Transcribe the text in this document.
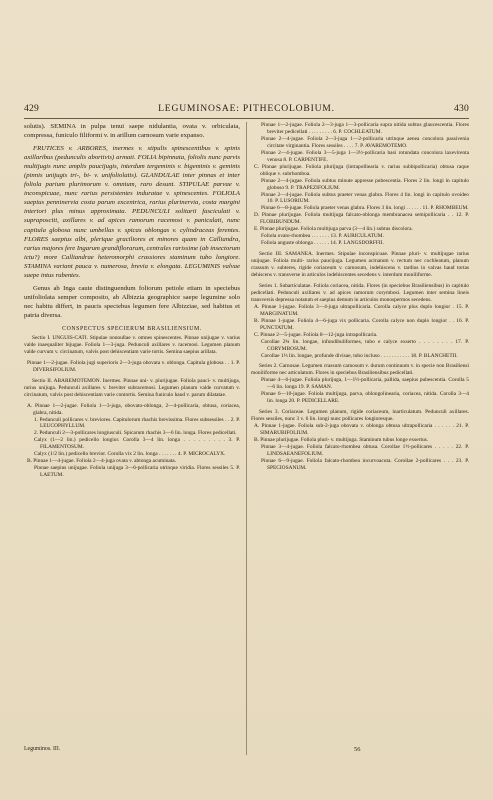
429	LEGUMINOSAE: PITHECOLOBIUM.	430

solutis). SEMINA in pulpa tenui saepe nidulantia, ovata v. orbiculata, compressa, funiculo filiformi v. in arillum carnosum varie expanso.

FRUTICES v. ARBORES, inermes v. stipulis spinescentibus v. spinis axillaribus (pedunculis abortivis) armati. FOLIA bipinnata, foliolis nunc parvis multijugis nunc amplis paucijugis, interdum tergeminis v. bigeminis v. geminis (pinnis unijugis tri-, bi- v. unifoliolatis). GLANDULAE inter pinnas et inter foliola parium plurimorum v. omnium, raro desunt. STIPULAE parvae v. inconspicuae, nunc rarius persistentes induratae v. spinescentes. FOLIOLA saepius penninervia costa parum excentrica, rarius plurinervia, costa margini interiori plus minus approximata. PEDUNCULI solitarii fasciculati v. supraposciti, axillares v. ad apices ramorum racemosi v. paniculati, nunc capitula globosa nunc umbellas v. spicas oblongas v. cylindraceas ferentes. FLORES saepius albi, plerique graciliores et minores quam in Calliandra, rarius majores fere Ingarum grandiflorarum, centrales rarissime (ab insectorum ictu?) more Calliandrae heteromorphi crassiores staminum tubo longiore. STAMINA variant pauca v. numerosa, brevia v. elongata. LEGUMINIS valvae saepe intus rubentes.

Genus ab Inga caute distinguendum foliorum petiole etiam in speciebus unifoliolata semper composito, ab Albizzia geographice saepe legumine solo nec habitu differt, in paucis speciebus legumen fere Albizziae, sed habitus et patria diversa.

CONSPECTUS SPECIERUM BRASILIENSIUM.

Sectio I. UNGUIS-CATI. Stipulae nonnullae v. omnes spinescentes. Pinnae unijugae v. varius valde inaequaliter bijugae. Foliola 1—3-juga. Pedunculi axillares v. racemosi. Legumen planum valde curvum v. circinatum, valvis post dehiscentiam varie tortis. Semina saepius arillata.

Pinnae 1—2-jugae. Foliola jugi superioris 2—3-juga obovata v. oblonga. Capitula globosa . . 1. P. DIVERSIFOLIUM.

Sectio II. ABAREMOTEMON. Inermes. Pinnae uni- v. plurijugae. Foliola pauci- v. multijuga, rarius unijuga. Pedunculi axillares v. breviter subracemosi. Legumen planum valde curvatum v. circinatum, valvis post dehiscentiam varie contortis. Semina funiculo haud v. parum dilatatae.

A. Pinnae 1—2-jugae. Foliola 1—3-juga, obovato-oblonga, 2—4-pollicaria, obtusa, coriacea, glabra, nitida.

1. Pedunculi pollicares v. breviores. Capitulorum rhachis brevissima. Flores subsessiles . . 2. P. LEUCOPHYLLUM.

2. Pedunculi 2—3-pollicares longiusculi. Spicarum rhachis 3—6 lin. longa. Flores pedicellati.

Calyx (1—2 lin.) pedicello longior. Corolla 3—4 lin. longa . . . . . . . . . 3. P. FILAMENTOSUM.

Calyx (1/2 lin.) pedicello brevior. Corolla vix 2 lin. longa . . . . . . . 4. P. MICROCALYX.

B. Pinnae 1—4-jugae. Foliola 2—4-juga ovata v. abtonga acuminata.

Pinnae saepius unijugae. Foliola unijuga 3—6-pollicaria utrinque viridia. Flores sessiles 5. P. LAETUM.

Pinnae 1—2-jugae. Foliola 2—3-juga 1—3-pollicaria supra nitida subtus glaucescentia. Flores breviter pedicellati . . . . . . . . . 6. P. COCHLEATUM.

Pinnae 2—4-jugae. Foliola 2—3-juga 1—2-pollicaria utrinque aenea concolora passivenia circitate virginantia. Flores sessiles . . . . 7. P. AVAREMOTEMO.

Pinnae 2—4-jugae. Foliola 3—5-juga 1—3½-pollicaria basi rotundata concolora laxevirenta venosa 8. P. CARPENTIFE.

C. Pinnae plurijugae. Foliola plurijuga (intrapolliearia v. rarius subbipollicaria) obtusa raque oblique v. subrhomboa.

Pinnae 2—4-jugae. Foliola subtus minute appresse pubescentia. Flores 2 lin. longi in capitulo globoso 9. P. TRAPEZIFOLIUM.

Pinnae 2—4-jugae. Foliola subtus praeter venas glabra. Flores 4 lin. longi in capitulo ovoideo 10. P. LUSORIUM.

Pinnae 6—8-jugae. Foliola praeter venas glabra. Flores 3 lin. longi . . . . . . 11. P. RHOMBEUM.

D. Pinnae plurijugae. Foliola multijuga falcato-oblonga membranacea semipollicaria . . 12. P. FLOBIBUNDUM.

E. Pinnae plurijugae. Foliola multijuga parva (3—4 lin.) subtus discolora.

Foliola ovato-rhombea . . . . . . . 13. P. AURICULATUM.

Foliola anguste oblonga . . . . . . 14. P. LANGSDORFFII.

Sectio III. SAMANEA. Inermes. Stipulae inconspicuae. Pinnae pluri- v. multijugae rarius unijugae. Foliola multi- rarius paucijuga. Legumen acrnatum v. rectum nec cochleatum, planum crassum v. subteres, rigide coriaceum v. carnosum, indehiscens v. tardius in valvas haud tortas dehiscens v. transverse in articulos indehiscentes secedens v. interdum moniliforme.

Series 1. Subarticulatae. Foliola coriacea, nitida. Flores (in speciebus Brasiliensibus) in capitulo pedicellati. Pedunculi axillares v. ad apices ramorum corymbosi. Legumen inter semina lineis transversis depressa notatum et saepius demum in articulos monospermos secedens.

A. Pinnae 1-jugae. Foliola 3—4-juga ultrapollicaria. Corolla calyce plus duplo longior . 15. P. MARGINATUM.

B. Pinnae 1-jugae. Foliola 4—6-juga vix pollicaria. Corolla calyce non duplo longior . . 16. P. PUNCTATUM.

C. Pinnae 2—5-jugae. Foliola 8—12-juga intrapollicaria.

Corollae 2¾ lin. longae, infundibuliformes, tubo e calyce exserto . . . . . . . . 17. P. CORYMBOSUM.

Corollae 1⅓ lin. longae, profunde divisae, tubo incluso . . . . . . . . . . . 18. P. BLANCHETII.

Series 2. Carnosae. Legumen crassum carnosum v. durum continuum v. in specie non Brasiliensi moniliforme nec articulatum. Flores in speciebus Brasiliensibus pedicellati.

Pinnae 4—6-jugae. Foliola plurijuga, 1—1½-pollicaria, pallida, saepius pubescentia. Corolla 5—6 lin. longa 19. P. SAMAN.

Pinnae 6—10-jugae. Foliola multijuga, parva, oblongolinearia, coriacea, nitida. Corolla 3—4 lin. longa 20. P. PEDICELLARE.

Series 3. Coriaceae. Legumen planum, rigide coriaceum, inarticulatum. Pedunculi axillares. Flores sessiles, nunc 3 v. 6 lin. longi nunc pollicares longioresque.

A. Pinnae 1-jugae. Foliola sub-2-juga obovata v. oblonga obtusa ultrapollicaria . . . . . . 21. P. SIMARUBIFOLIUM.

B. Pinnae plurijugae. Foliola pluri- v. multijuga. Staminum tubus longe exsertus.

Pinnae 3—4-jugae. Foliola falcato-rhombea obtusa. Corollae 1½-pollicares . . . . . 22. P. LINDSAEANEFOLIUM.

Pinnae 6—9-jugae. Foliola falcato-rhombea incurvoacuta. Corollae 2-pollicares . . . 23. P. SPECIOSANUM.

Leguminos. III.	56
